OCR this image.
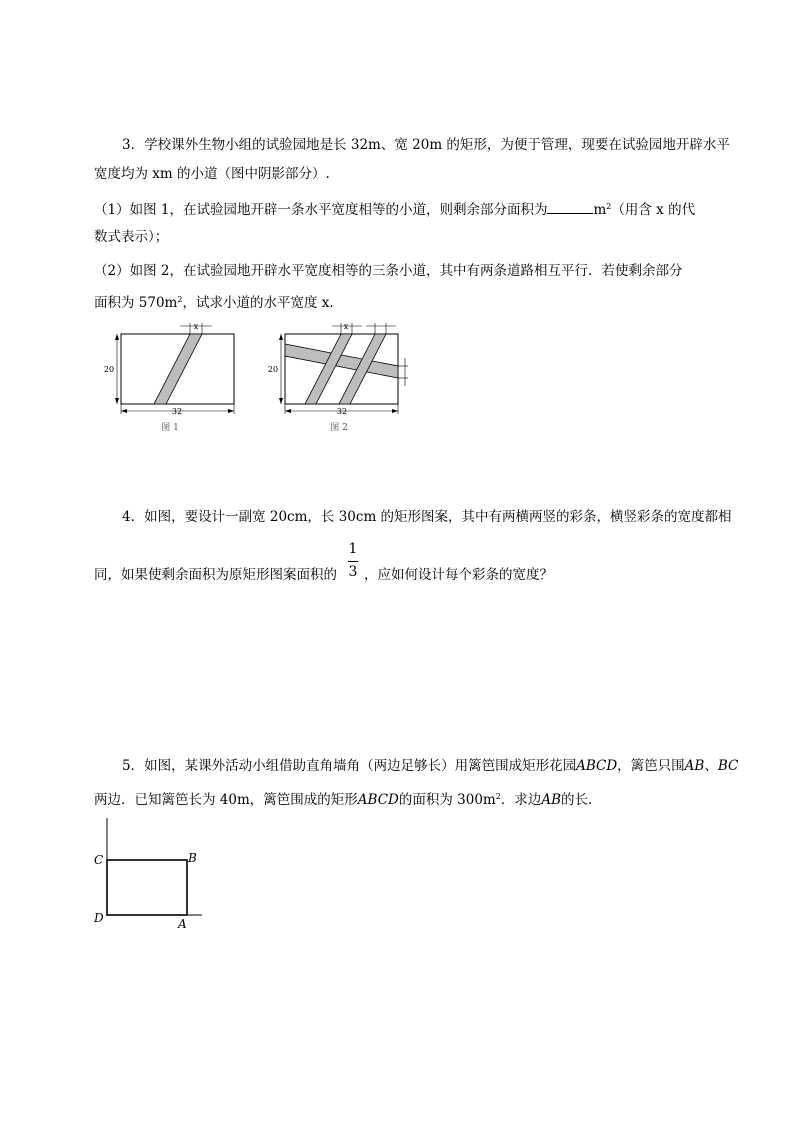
3．学校课外生物小组的试验园地是长 32m、宽 20m 的矩形，为便于管理，现要在试验园地开辟水平
宽度均为 xm 的小道（图中阴影部分）.
（1）如图 1，在试验园地开辟一条水平宽度相等的小道，则剩余部分面积为	$m^2$（用含 x 的代
数式表示）；
（2）如图 2，在试验园地开辟水平宽度相等的三条小道，其中有两条道路相互平行．若使剩余部分
面积为 $570m^2$，试求小道的水平宽度 x.
x
20
32
图 1
x
20
32
图 2
4．如图，要设计一副宽 20cm，长 30cm 的矩形图案，其中有两横两竖的彩条，横竖彩条的宽度都相
1
3
同，如果使剩余面积为原矩形图案面积的 ，应如何设计每个彩条的宽度？
5．如图，某课外活动小组借助直角墙角（两边足够长）用篱笆围成矩形花园ABCD，篱笆只围AB、BC
两边．已知篱笆长为 40m，篱笆围成的矩形ABCD的面积为 $300m^2$．求边AB的长．
C	B
D	A
